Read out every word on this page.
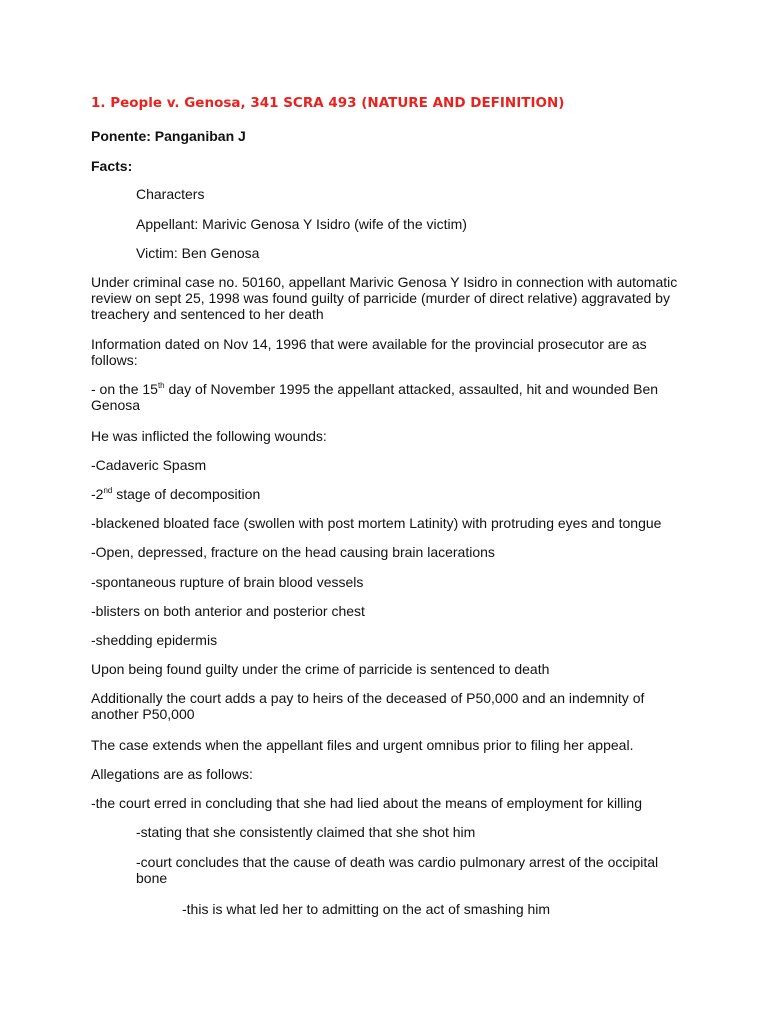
1. People v. Genosa, 341 SCRA 493 (NATURE AND DEFINITION)

Ponente: Panganiban J

Facts:

Characters

Appellant: Marivic Genosa Y Isidro (wife of the victim)

Victim: Ben Genosa

Under criminal case no. 50160, appellant Marivic Genosa Y Isidro in connection with automatic review on sept 25, 1998 was found guilty of parricide (murder of direct relative) aggravated by treachery and sentenced to her death

Information dated on Nov 14, 1996 that were available for the provincial prosecutor are as follows:

- on the 15th day of November 1995 the appellant attacked, assaulted, hit and wounded Ben Genosa

He was inflicted the following wounds:

-Cadaveric Spasm

-2nd stage of decomposition

-blackened bloated face (swollen with post mortem Latinity) with protruding eyes and tongue

-Open, depressed, fracture on the head causing brain lacerations

-spontaneous rupture of brain blood vessels

-blisters on both anterior and posterior chest

-shedding epidermis

Upon being found guilty under the crime of parricide is sentenced to death

Additionally the court adds a pay to heirs of the deceased of P50,000 and an indemnity of another P50,000

The case extends when the appellant files and urgent omnibus prior to filing her appeal.

Allegations are as follows:

-the court erred in concluding that she had lied about the means of employment for killing

-stating that she consistently claimed that she shot him

-court concludes that the cause of death was cardio pulmonary arrest of the occipital bone

-this is what led her to admitting on the act of smashing him
